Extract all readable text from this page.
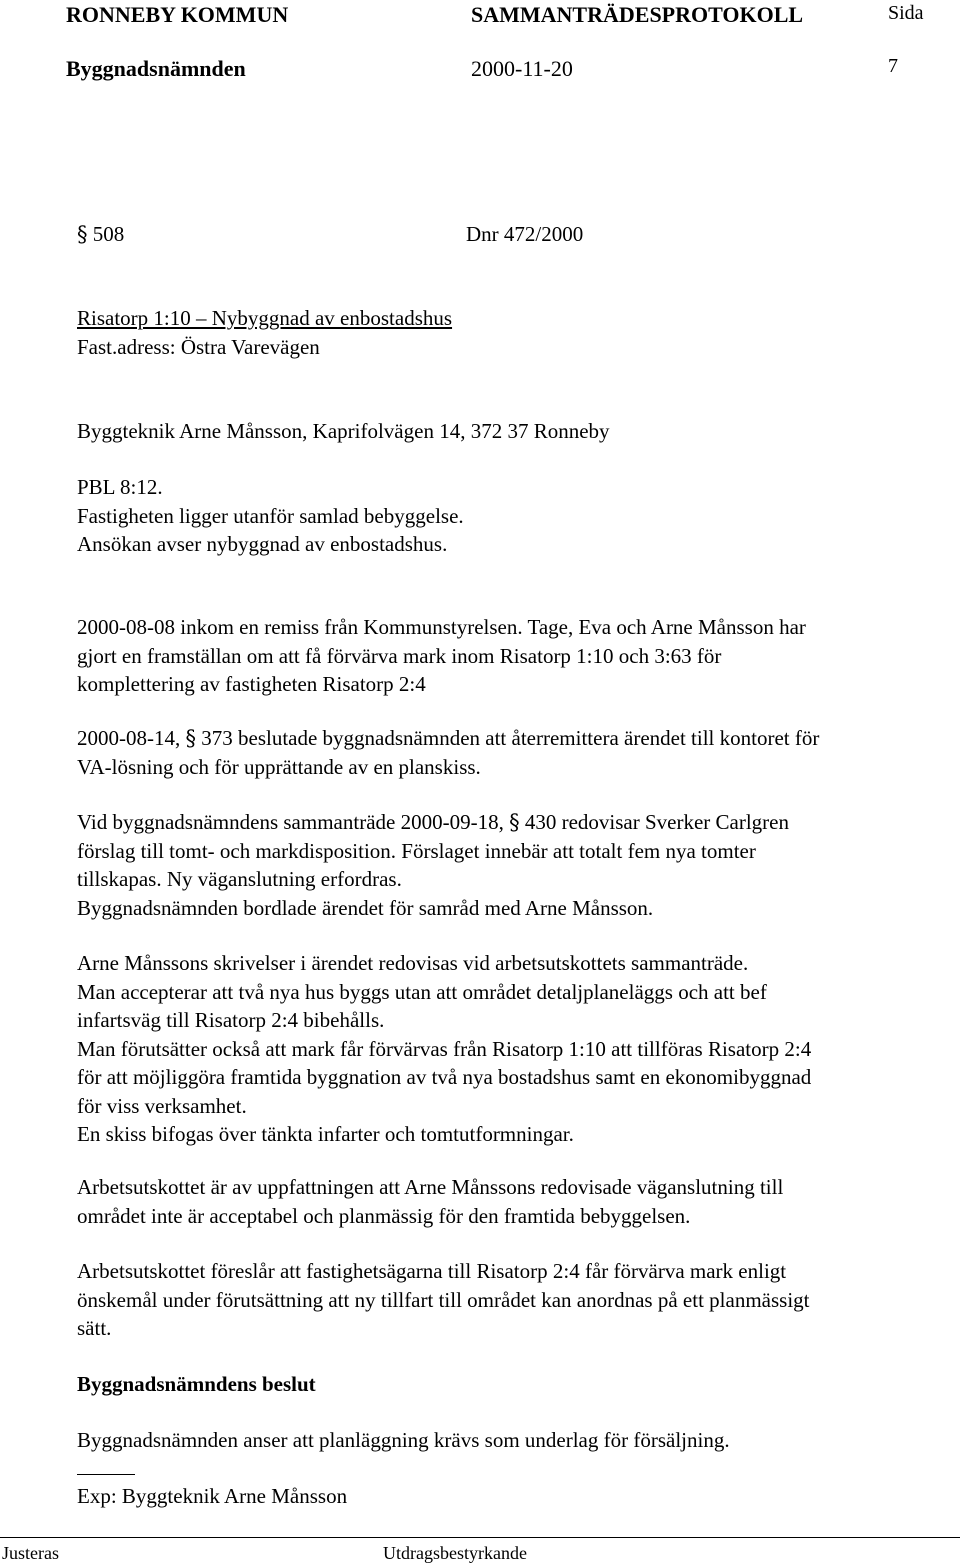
RONNEBY KOMMUN	SAMMANTRÄDESPROTOKOLL	Sida
Byggnadsnämnden	2000-11-20	7
§ 508	Dnr 472/2000
Risatorp 1:10 – Nybyggnad av enbostadshus
Fast.adress: Östra Varevägen
Byggteknik Arne Månsson, Kaprifolvägen 14, 372 37 Ronneby
PBL 8:12.
Fastigheten ligger utanför samlad bebyggelse.
Ansökan avser nybyggnad av enbostadshus.
2000-08-08 inkom en remiss från Kommunstyrelsen. Tage, Eva och Arne Månsson har
gjort en framställan om att få förvärva mark inom Risatorp 1:10 och 3:63 för
komplettering av fastigheten Risatorp 2:4
2000-08-14, § 373 beslutade byggnadsnämnden att återremittera ärendet till kontoret för
VA-lösning och för upprättande av en planskiss.
Vid byggnadsnämndens sammanträde 2000-09-18, § 430 redovisar Sverker Carlgren
förslag till tomt- och markdisposition. Förslaget innebär att totalt fem nya tomter
tillskapas. Ny väganslutning erfordras.
Byggnadsnämnden bordlade ärendet för samråd med Arne Månsson.
Arne Månssons skrivelser i ärendet redovisas vid arbetsutskottets sammanträde.
Man accepterar att två nya hus byggs utan att området detaljplaneläggs och att bef
infartsväg till Risatorp 2:4 bibehålls.
Man förutsätter också att mark får förvärvas från Risatorp 1:10 att tillföras Risatorp 2:4
för att möjliggöra framtida byggnation av två nya bostadshus samt en ekonomibyggnad
för viss verksamhet.
En skiss bifogas över tänkta infarter och tomtutformningar.
Arbetsutskottet är av uppfattningen att Arne Månssons redovisade väganslutning till
området inte är acceptabel och planmässig för den framtida bebyggelsen.
Arbetsutskottet föreslår att fastighetsägarna till Risatorp 2:4 får förvärva mark enligt
önskemål under förutsättning att ny tillfart till området kan anordnas på ett planmässigt
sätt.
Byggnadsnämndens beslut
Byggnadsnämnden anser att planläggning krävs som underlag för försäljning.
Exp: Byggteknik Arne Månsson
Justeras	Utdragsbestyrkande
